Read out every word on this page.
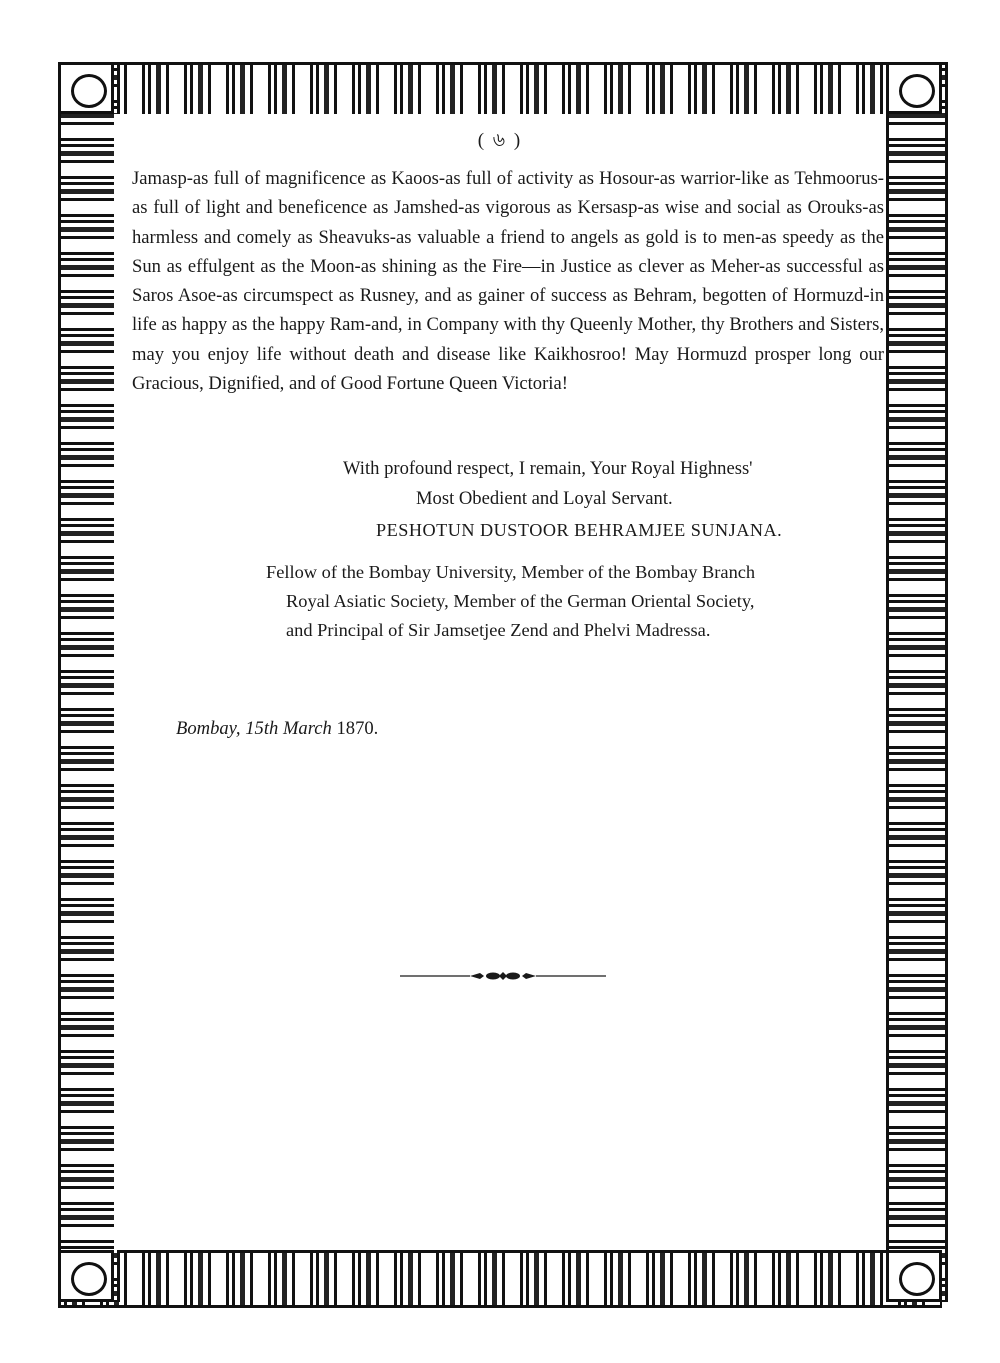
( ৬ )

Jamasp-as full of magnificence as Kaoos-as full of activity as Hosour-as warrior-like as Tehmoorus-as full of light and beneficence as Jamshed-as vigorous as Kersasp-as wise and social as Orouks-as harmless and comely as Sheavuks-as valuable a friend to angels as gold is to men-as speedy as the Sun as effulgent as the Moon-as shining as the Fire—in Justice as clever as Meher-as successful as Saros Asoe-as circumspect as Rusney, and as gainer of success as Behram, begotten of Hormuzd-in life as happy as the happy Ram-and, in Company with thy Queenly Mother, thy Brothers and Sisters, may you enjoy life without death and disease like Kaikhosroo! May Hormuzd prosper long our Gracious, Dignified, and of Good Fortune Queen Victoria!

With profound respect, I remain, Your Royal Highness'
Most Obedient and Loyal Servant.
PESHOTUN DUSTOOR BEHRAMJEE SUNJANA.
Fellow of the Bombay University, Member of the Bombay Branch
Royal Asiatic Society, Member of the German Oriental Society,
and Principal of Sir Jamsetjee Zend and Phelvi Madressa.
Bombay, 15th March 1870.
